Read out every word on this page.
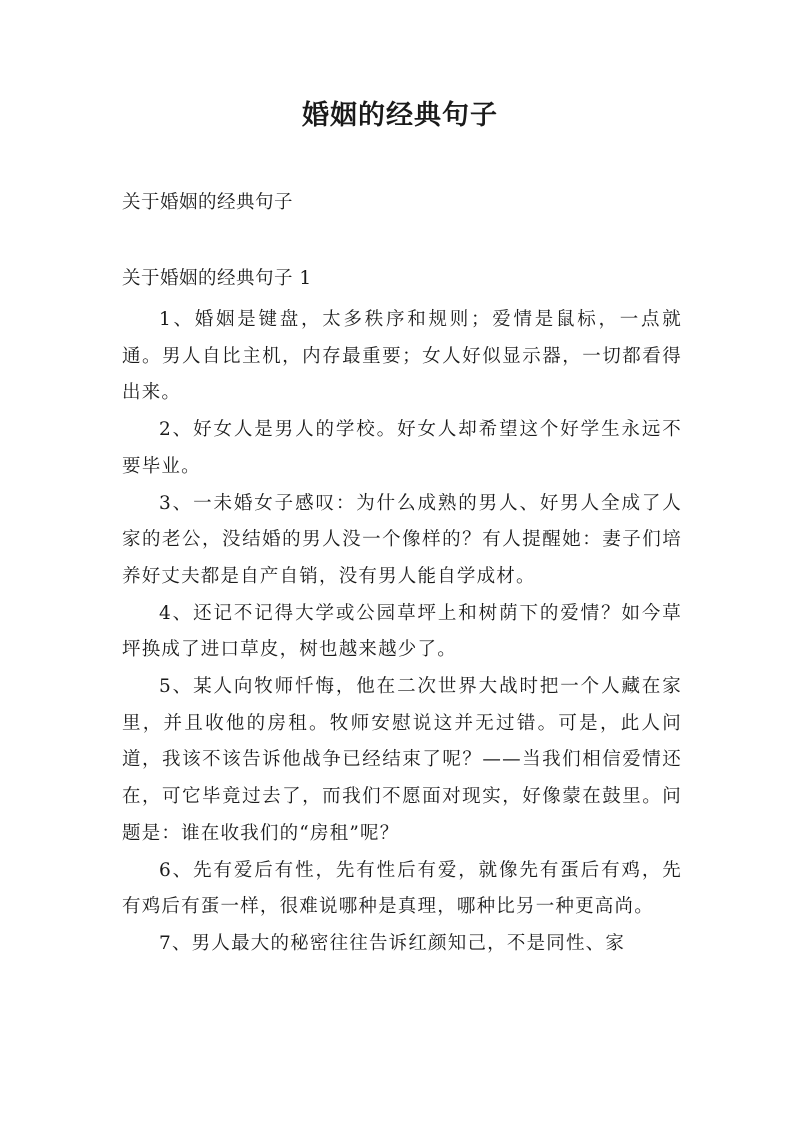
婚姻的经典句子
关于婚姻的经典句子
关于婚姻的经典句子 1

1、婚姻是键盘，太多秩序和规则；爱情是鼠标，一点就通。男人自比主机，内存最重要；女人好似显示器，一切都看得出来。

2、好女人是男人的学校。好女人却希望这个好学生永远不要毕业。

3、一未婚女子感叹：为什么成熟的男人、好男人全成了人家的老公，没结婚的男人没一个像样的？有人提醒她：妻子们培养好丈夫都是自产自销，没有男人能自学成材。

4、还记不记得大学或公园草坪上和树荫下的爱情？如今草坪换成了进口草皮，树也越来越少了。

5、某人向牧师忏悔，他在二次世界大战时把一个人藏在家里，并且收他的房租。牧师安慰说这并无过错。可是，此人问道，我该不该告诉他战争已经结束了呢？——当我们相信爱情还在，可它毕竟过去了，而我们不愿面对现实，好像蒙在鼓里。问题是：谁在收我们的“房租”呢？

6、先有爱后有性，先有性后有爱，就像先有蛋后有鸡，先有鸡后有蛋一样，很难说哪种是真理，哪种比另一种更高尚。

7、男人最大的秘密往往告诉红颜知己，不是同性、家
